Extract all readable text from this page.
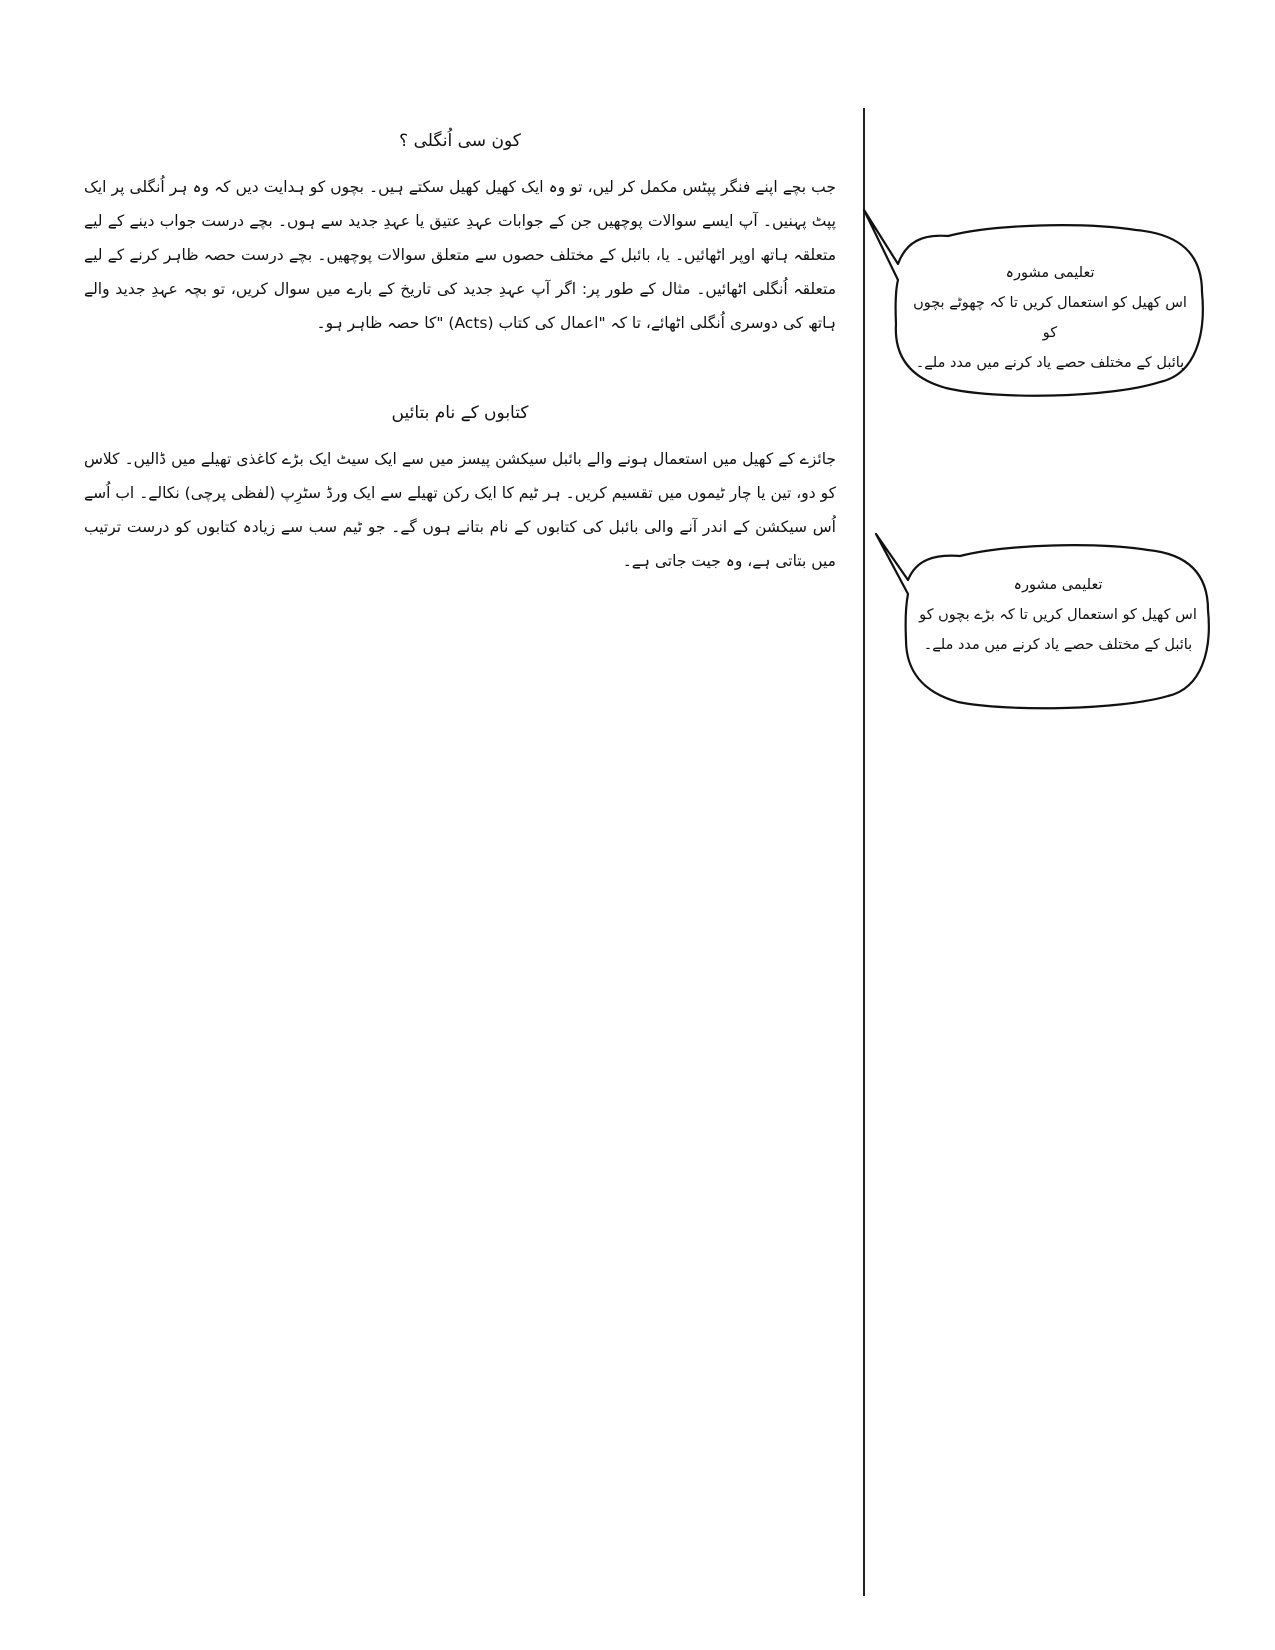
کون سی اُنگلی ؟

جب بچے اپنے فنگر پپٹس مکمل کر لیں، تو وہ ایک کھیل کھیل سکتے ہیں۔ بچوں کو ہدایت دیں کہ وہ ہر اُنگلی پر ایک پپٹ پہنیں۔ آپ ایسے سوالات پوچھیں جن کے جوابات عہدِ عتیق یا عہدِ جدید سے ہوں۔ بچے درست جواب دینے کے لیے متعلقہ ہاتھ اوپر اٹھائیں۔ یا، بائبل کے مختلف حصوں سے متعلق سوالات پوچھیں۔ بچے درست حصہ ظاہر کرنے کے لیے متعلقہ اُنگلی اٹھائیں۔ مثال کے طور پر: اگر آپ عہدِ جدید کی تاریخ کے بارے میں سوال کریں، تو بچہ عہدِ جدید والے ہاتھ کی دوسری اُنگلی اٹھائے، تا کہ "اعمال کی کتاب (Acts) "کا حصہ ظاہر ہو۔

کتابوں کے نام بتائیں

جائزے کے کھیل میں استعمال ہونے والے بائبل سیکشن پیسز میں سے ایک سیٹ ایک بڑے کاغذی تھیلے میں ڈالیں۔ کلاس کو دو، تین یا چار ٹیموں میں تقسیم کریں۔ ہر ٹیم کا ایک رکن تھیلے سے ایک ورڈ سٹرِپ (لفظی پرچی) نکالے۔ اب اُسے اُس سیکشن کے اندر آنے والی بائبل کی کتابوں کے نام بتانے ہوں گے۔ جو ٹیم سب سے زیادہ کتابوں کو درست ترتیب میں بتاتی ہے، وہ جیت جاتی ہے۔

تعلیمی مشورہ
اس کھیل کو استعمال کریں تا کہ چھوٹے بچوں کو
بائبل کے مختلف حصے یاد کرنے میں مدد ملے۔
تعلیمی مشورہ
اس کھیل کو استعمال کریں تا کہ بڑے بچوں کو
بائبل کے مختلف حصے یاد کرنے میں مدد ملے۔
